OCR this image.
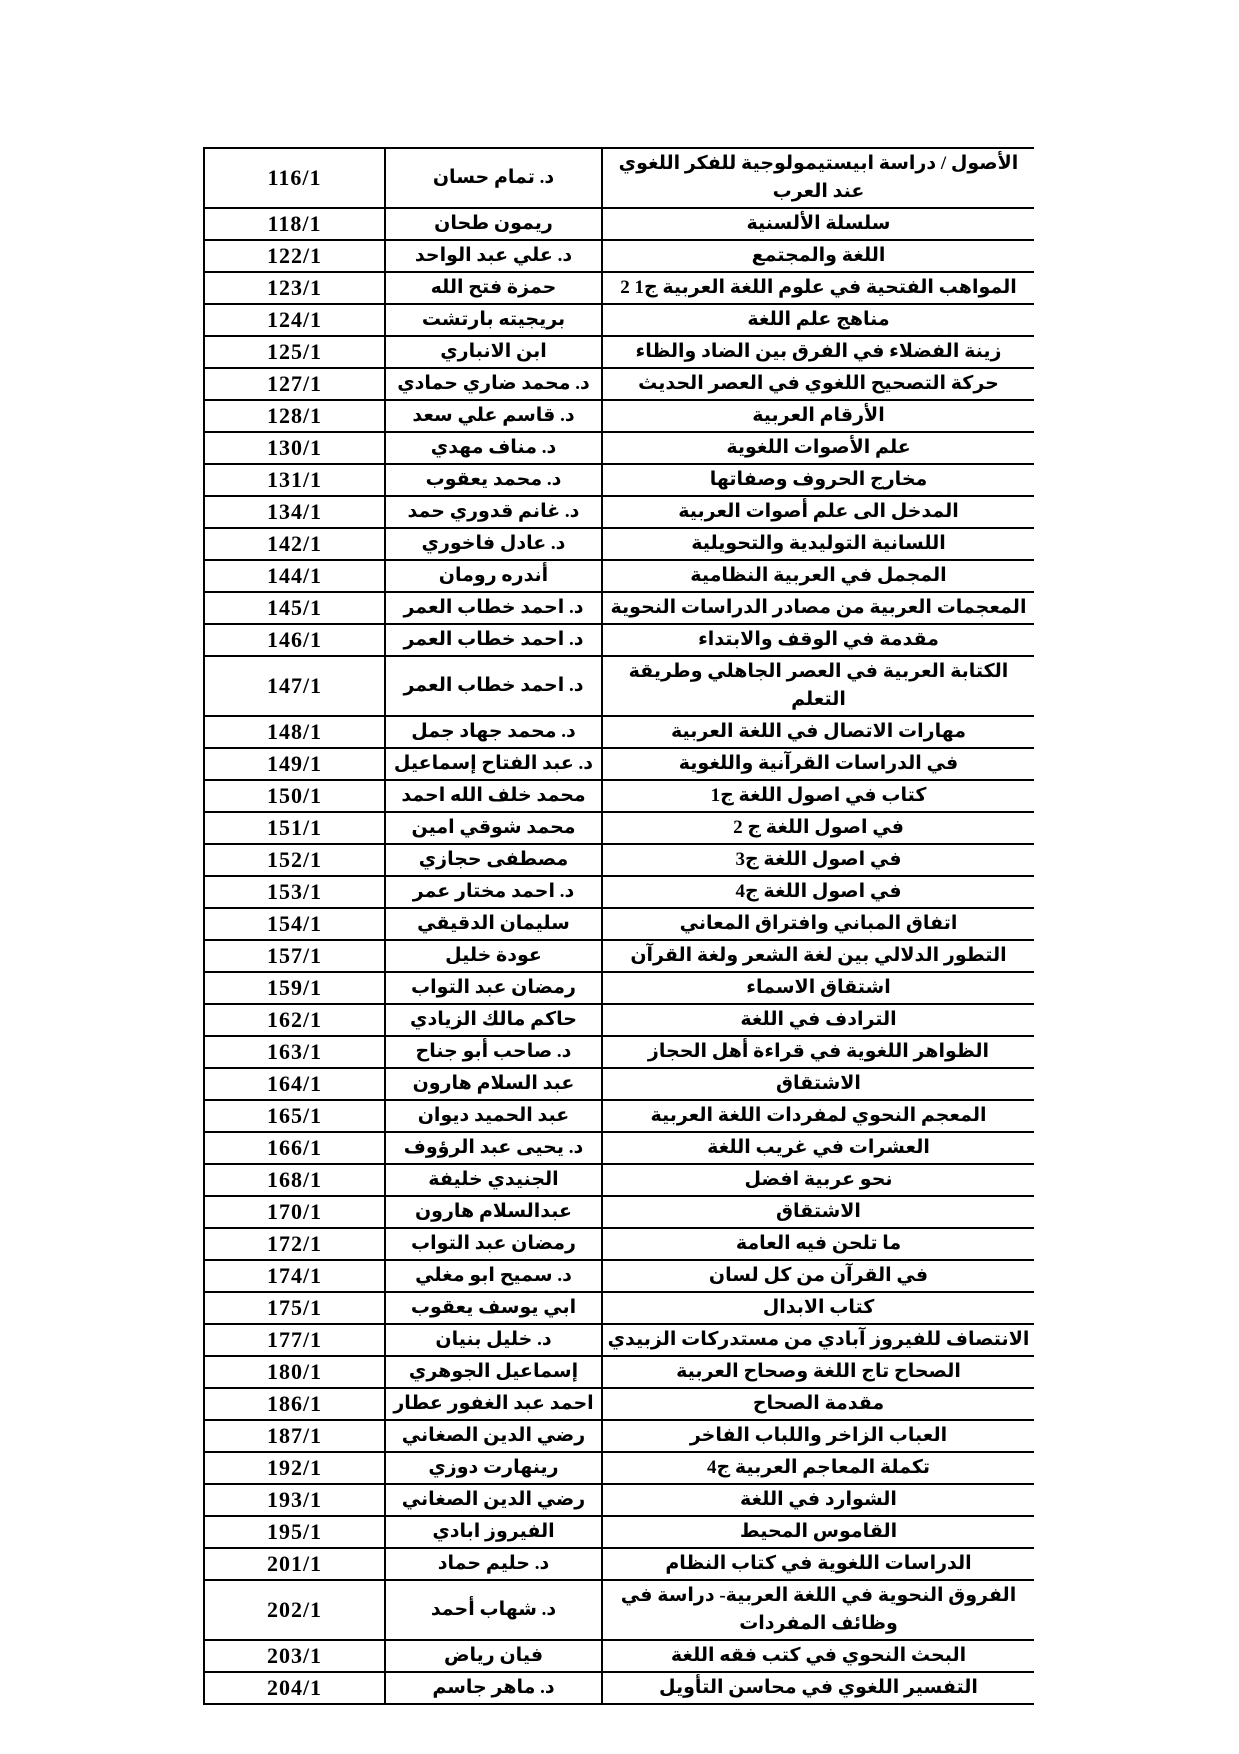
الأصول / دراسة ابيستيمولوجية للفكر اللغوي عند العرب	د. تمام حسان	116/1
سلسلة الألسنية	ريمون طحان	118/1
اللغة والمجتمع	د. علي عبد الواحد	122/1
المواهب الفتحية في علوم اللغة العربية ج1 2	حمزة فتح الله	123/1
مناهج علم اللغة	بريجيته بارتشت	124/1
زينة الفضلاء في الفرق بين الضاد والظاء	ابن الانباري	125/1
حركة التصحيح اللغوي في العصر الحديث	د. محمد ضاري حمادي	127/1
الأرقام العربية	د. قاسم علي سعد	128/1
علم الأصوات اللغوية	د. مناف مهدي	130/1
مخارج الحروف وصفاتها	د. محمد يعقوب	131/1
المدخل الى علم أصوات العربية	د. غانم قدوري حمد	134/1
اللسانية التوليدية والتحويلية	د. عادل فاخوري	142/1
المجمل في العربية النظامية	أندره رومان	144/1
المعجمات العربية من مصادر الدراسات النحوية	د. احمد خطاب العمر	145/1
مقدمة في الوقف والابتداء	د. احمد خطاب العمر	146/1
الكتابة العربية في العصر الجاهلي وطريقة التعلم	د. احمد خطاب العمر	147/1
مهارات الاتصال في اللغة العربية	د. محمد جهاد جمل	148/1
في الدراسات القرآنية واللغوية	د. عبد الفتاح إسماعيل	149/1
كتاب في اصول اللغة ج1	محمد خلف الله احمد	150/1
في اصول اللغة ج 2	محمد شوقي امين	151/1
في اصول اللغة ج3	مصطفى حجازي	152/1
في اصول اللغة ج4	د. احمد مختار عمر	153/1
اتفاق المباني وافتراق المعاني	سليمان الدقيقي	154/1
التطور الدلالي بين لغة الشعر ولغة القرآن	عودة خليل	157/1
اشتقاق الاسماء	رمضان عبد التواب	159/1
الترادف في اللغة	حاكم مالك الزيادي	162/1
الظواهر اللغوية في قراءة أهل الحجاز	د. صاحب أبو جناح	163/1
الاشتقاق	عبد السلام هارون	164/1
المعجم النحوي لمفردات اللغة العربية	عبد الحميد ديوان	165/1
العشرات في غريب اللغة	د. يحيى عبد الرؤوف	166/1
نحو عربية افضل	الجنيدي خليفة	168/1
الاشتقاق	عبدالسلام هارون	170/1
ما تلحن فيه العامة	رمضان عبد التواب	172/1
في القرآن من كل لسان	د. سميح ابو مغلي	174/1
كتاب الابدال	ابي يوسف يعقوب	175/1
الانتصاف للفيروز آبادي من مستدركات الزبيدي	د. خليل بنيان	177/1
الصحاح تاج اللغة وصحاح العربية	إسماعيل الجوهري	180/1
مقدمة الصحاح	احمد عبد الغفور عطار	186/1
العباب الزاخر واللباب الفاخر	رضي الدين الصغاني	187/1
تكملة المعاجم العربية ج4	رينهارت دوزي	192/1
الشوارد في اللغة	رضي الدين الصغاني	193/1
القاموس المحيط	الفيروز ابادي	195/1
الدراسات اللغوية في كتاب النظام	د. حليم حماد	201/1
الفروق النحوية في اللغة العربية- دراسة في وظائف المفردات	د. شهاب أحمد	202/1
البحث النحوي في كتب فقه اللغة	فيان رياض	203/1
التفسير اللغوي في محاسن التأويل	د. ماهر جاسم	204/1
